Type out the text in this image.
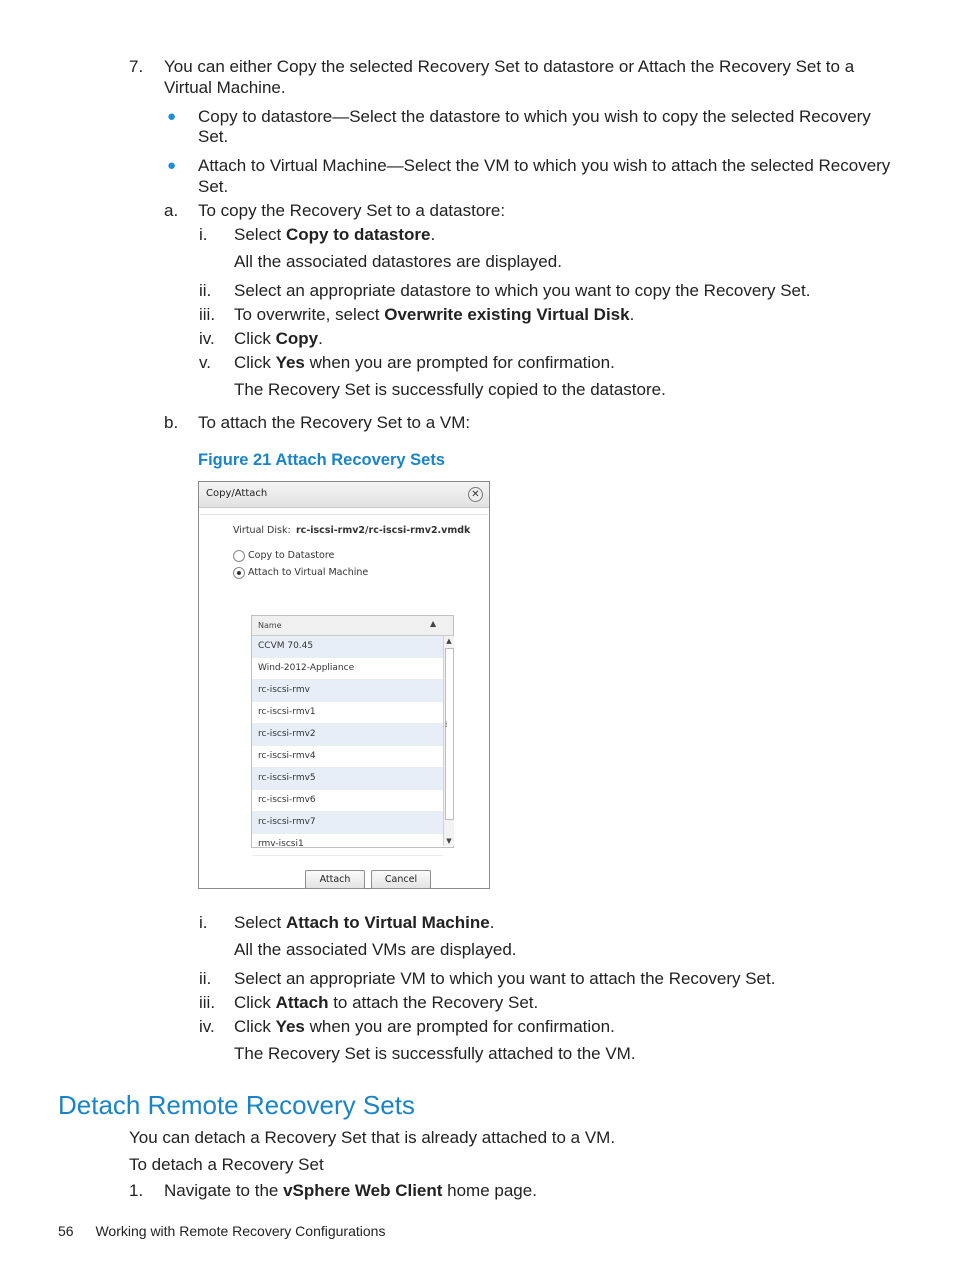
7. You can either Copy the selected Recovery Set to datastore or Attach the Recovery Set to a
Virtual Machine.
● Copy to datastore—Select the datastore to which you wish to copy the selected Recovery
Set.
● Attach to Virtual Machine—Select the VM to which you wish to attach the selected Recovery
Set.
a. To copy the Recovery Set to a datastore:
i. Select Copy to datastore.
All the associated datastores are displayed.
ii. Select an appropriate datastore to which you want to copy the Recovery Set.
iii. To overwrite, select Overwrite existing Virtual Disk.
iv. Click Copy.
v. Click Yes when you are prompted for confirmation.
The Recovery Set is successfully copied to the datastore.
b. To attach the Recovery Set to a VM:
Figure 21 Attach Recovery Sets
Copy/Attach	✕
Virtual Disk: rc-iscsi-rmv2/rc-iscsi-rmv2.vmdk
Copy to Datastore
Attach to Virtual Machine
Name	▲
CCVM 70.45
Wind-2012-Appliance
rc-iscsi-rmv
rc-iscsi-rmv1
rc-iscsi-rmv2
rc-iscsi-rmv4
rc-iscsi-rmv5
rc-iscsi-rmv6
rc-iscsi-rmv7
rmv-iscsi1
▲
▼
⁞
Attach	Cancel
i. Select Attach to Virtual Machine.
All the associated VMs are displayed.
ii. Select an appropriate VM to which you want to attach the Recovery Set.
iii. Click Attach to attach the Recovery Set.
iv. Click Yes when you are prompted for confirmation.
The Recovery Set is successfully attached to the VM.
Detach Remote Recovery Sets
You can detach a Recovery Set that is already attached to a VM.
To detach a Recovery Set
1. Navigate to the vSphere Web Client home page.
56 Working with Remote Recovery Configurations
